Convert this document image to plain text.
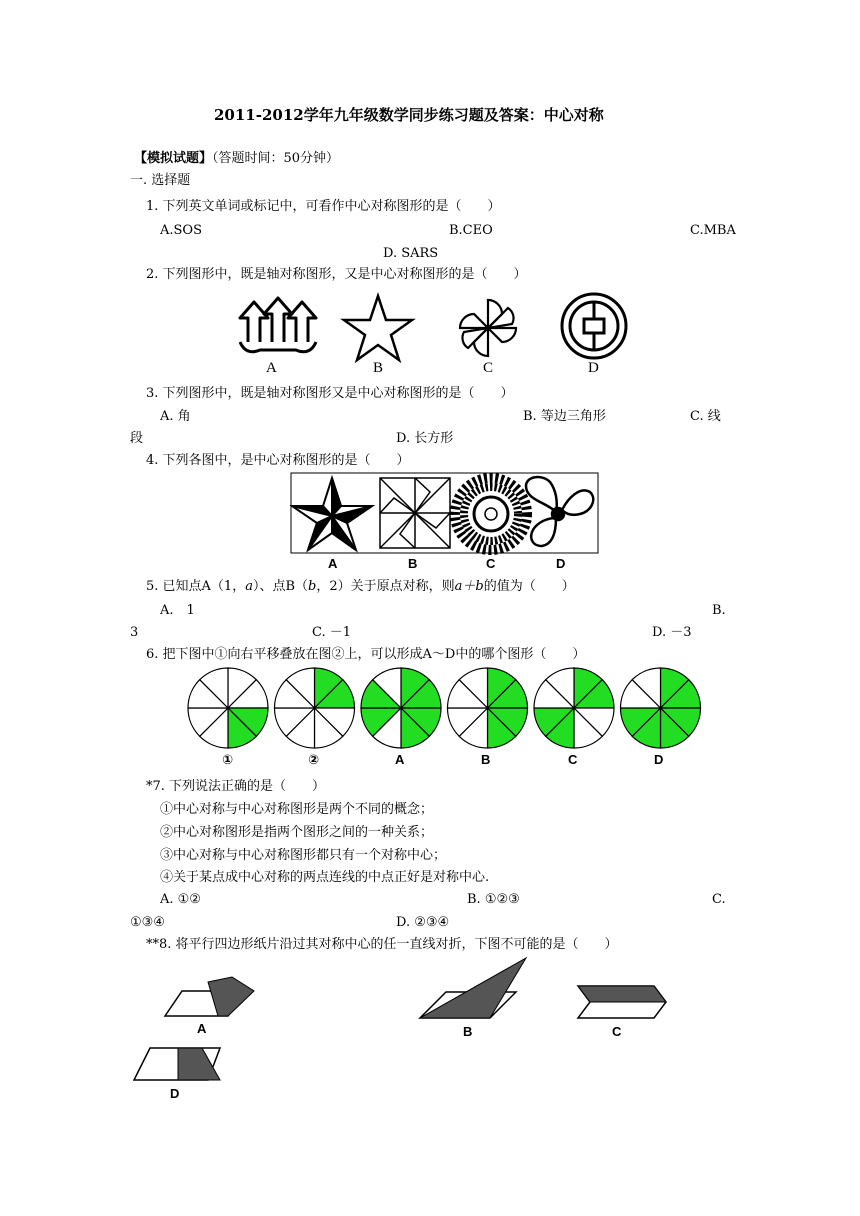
2011-2012学年九年级数学同步练习题及答案：中心对称
【模拟试题】（答题时间：50分钟）
一. 选择题
1. 下列英文单词或标记中，可看作中心对称图形的是（　　）
A.SOS	B.CEO	C.MBA
D. SARS
2. 下列图形中，既是轴对称图形，又是中心对称图形的是（　　）
A	B	C	D
3. 下列图形中，既是轴对称图形又是中心对称图形的是（　　）
A. 角	B. 等边三角形	C. 线
段	D. 长方形
4. 下列各图中，是中心对称图形的是（　　）
A	B	C	D
5. 已知点A（1，a）、点B（b，2）关于原点对称，则a＋b的值为（　　）
A.　1	B.
3	C. －1	D. －3
6. 把下图中①向右平移叠放在图②上，可以形成A～D中的哪个图形（　　）
①	②	A	B	C	D
*7. 下列说法正确的是（　　）
①中心对称与中心对称图形是两个不同的概念；
②中心对称图形是指两个图形之间的一种关系；
③中心对称与中心对称图形都只有一个对称中心；
④关于某点成中心对称的两点连线的中点正好是对称中心.
A. ①②	B. ①②③	C.
①③④	D. ②③④
**8. 将平行四边形纸片沿过其对称中心的任一直线对折，下图不可能的是（　　）
A	B	C
D
